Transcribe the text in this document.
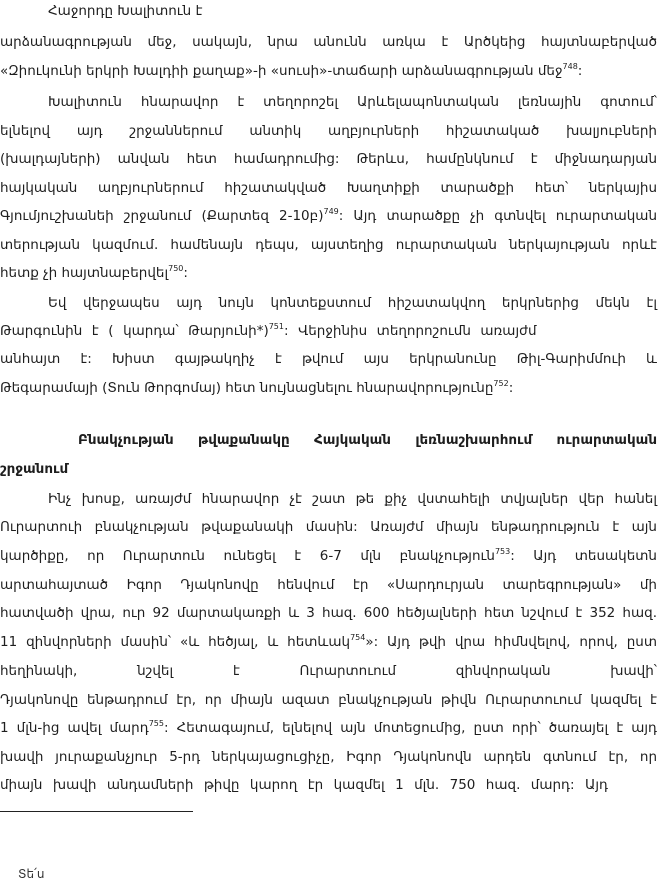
Հաջորդը Խալիտուն է
արձանագրության մեջ, սակայն, նրա անունն առկա է Արծկեից հայտնաբերված
«Զիուկունի երկրի Խալդիի քաղաք»-ի «սուսի»-տաճարի արձանագրության մեջ$^{748}$:
Խալիտուն հնարավոր է տեղորոշել Արևելապոնտական լեռնային գոտում՝
ելնելով այդ շրջաններում անտիկ աղբյուրների հիշատակած խալյուբների
(խալդայների) անվան հետ համադրումից: Թերևս, համընկնում է միջնադարյան
հայկական աղբյուրներում հիշատակված Խաղտիքի տարածքի հետ՝ ներկայիս
Գյումյուշխանեի շրջանում (Քարտեզ 2-10բ)$^{749}$: Այդ տարածքը չի գտնվել ուրարտական
տերության կազմում. համենայն դեպս, այստեղից ուրարտական ներկայության որևէ
հետք չի հայտնաբերվել$^{750}$:
Եվ վերջապես այդ նույն կոնտեքստում հիշատակվող երկրներից մեկն էլ
Թարգունին է ( կարդա՝ Թարյունի*)$^{751}$: Վերջինիս տեղորոշումն առայժմ
անհայտ է: Խիստ գայթակղիչ է թվում այս երկրանունը Թիլ-Գարիմմուի և
Թեգարամայի (Տուն Թորգոմայ) հետ նույնացնելու հնարավորությունը$^{752}$:
Բնակչության թվաքանակը Հայկական լեռնաշխարհում ուրարտական
շրջանում
Ինչ խոսք, առայժմ հնարավոր չէ շատ թե քիչ վստահելի տվյալներ վեր հանել
Ուրարտուի բնակչության թվաքանակի մասին: Առայժմ միայն ենթադրություն է այն
կարծիքը, որ Ուրարտուն ունեցել է 6-7 մլն բնակչություն$^{753}$: Այդ տեսակետն
արտահայտած Իգոր Դյակոնովը հենվում էր «Սարդուրյան տարեգրության» մի
հատվածի վրա, ուր 92 մարտակառքի և 3 հազ. 600 հեծյալների հետ նշվում է 352 հազ.
11 զինվորների մասին՝ «և հեծյալ, և հետևակ$^{754}$»: Այդ թվի վրա հիմնվելով, որով, ըստ
հեղինակի, նշվել է Ուրարտուում զինվորական խավի՝
Դյակոնովը ենթադրում էր, որ միայն ազատ բնակչության թիվն Ուրարտուում կազմել է
1 մլն-ից ավել մարդ$^{755}$: Հետագայում, ելնելով այն մոտեցումից, ըստ որի՝ ծառայել է այդ
խավի յուրաքանչյուր 5-րդ ներկայացուցիչը, Իգոր Դյակոնովն արդեն գտնում էր, որ
միայն խավի անդամների թիվը կարող էր կազմել 1 մլն. 750 հազ. մարդ: Այդ
Տե՛ս
